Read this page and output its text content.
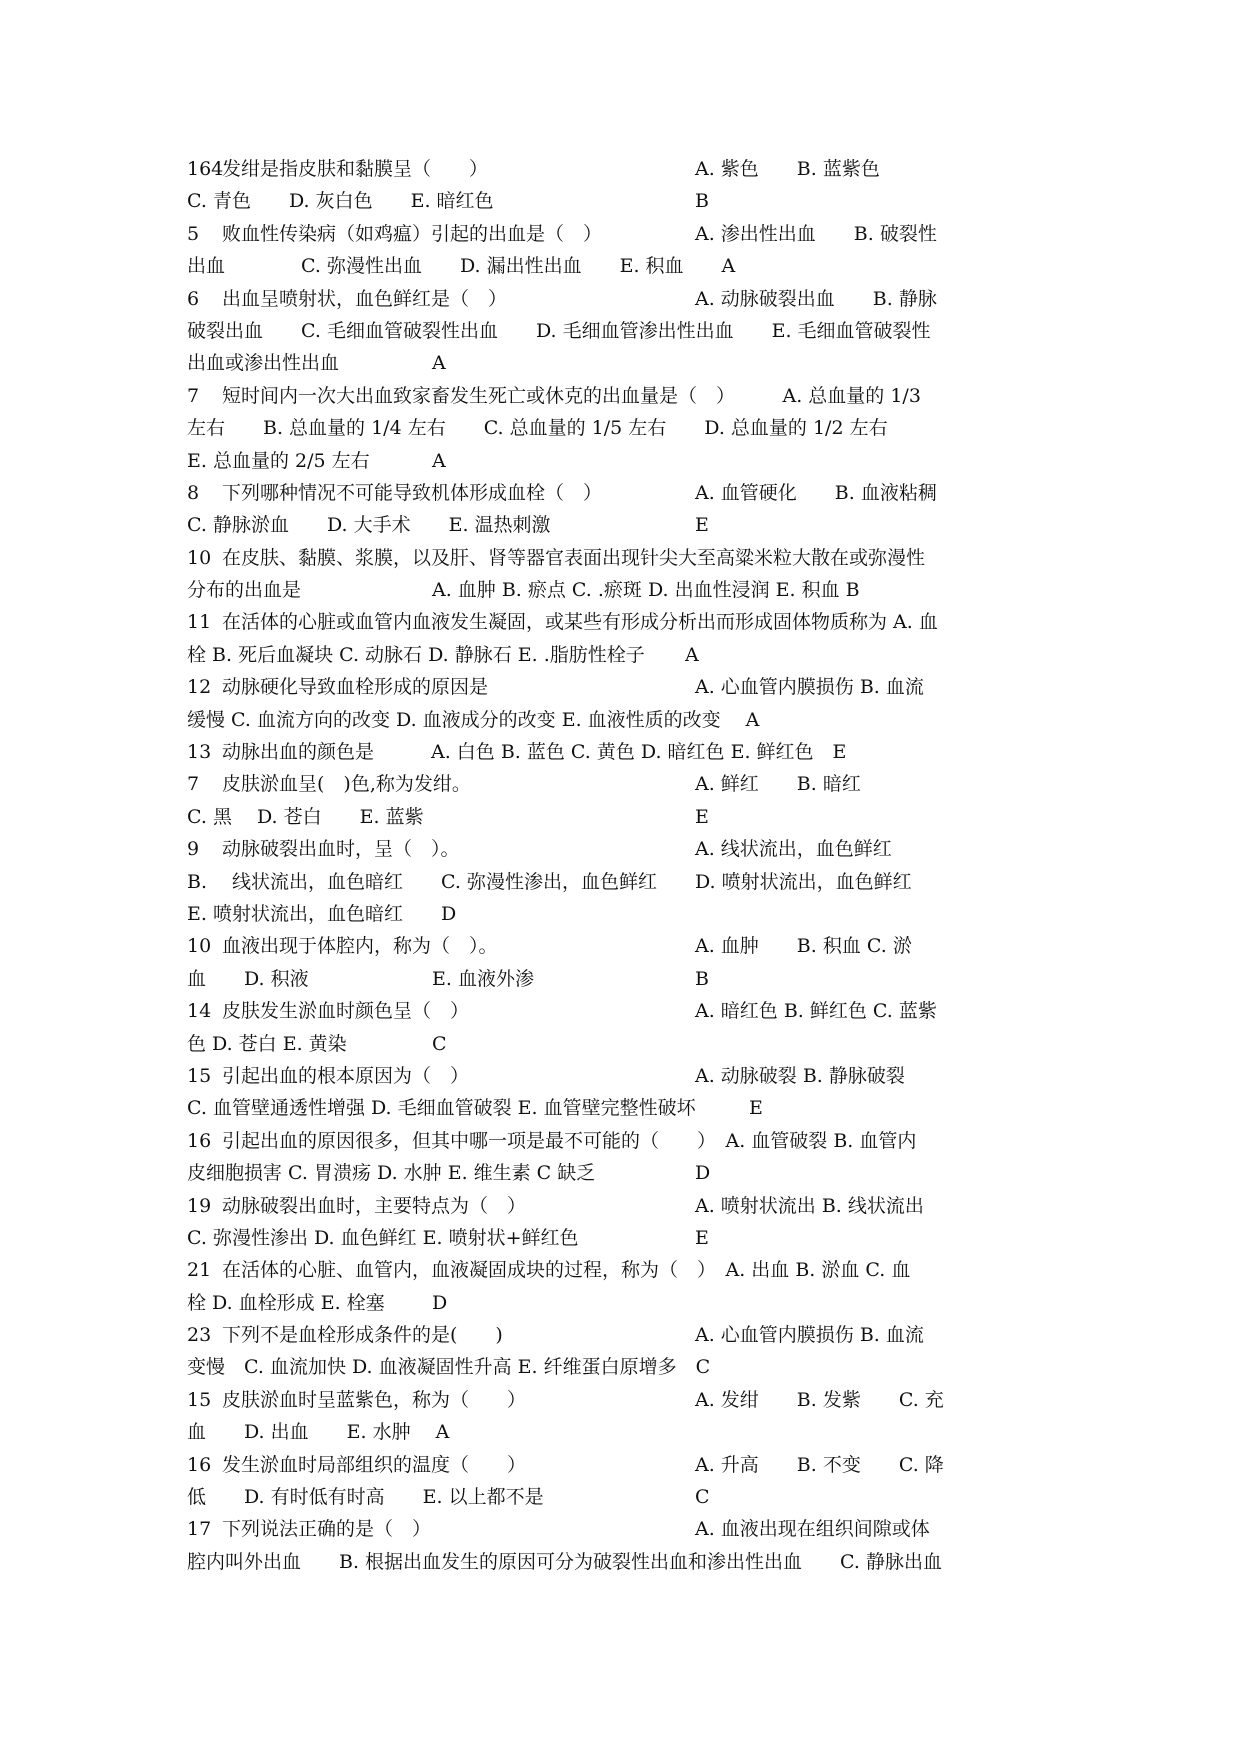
164
发绀是指皮肤和黏膜呈（　　）	A. 紫色　　B. 蓝紫色
C. 青色　　D. 灰白色　　E. 暗红色	B
5 败血性传染病（如鸡瘟）引起的出血是（　）	A. 渗出性出血　　B. 破裂性
出血　　　　C. 弥漫性出血　　D. 漏出性出血　　E. 积血　　A
6 出血呈喷射状，血色鲜红是（　）	A. 动脉破裂出血　　B. 静脉
破裂出血　　C. 毛细血管破裂性出血　　D. 毛细血管渗出性出血　　E. 毛细血管破裂性
出血或渗出性出血	A
7 短时间内一次大出血致家畜发生死亡或休克的出血量是（　）　　　A. 总血量的 1/3
左右　　B. 总血量的 1/4 左右　　C. 总血量的 1/5 左右　　D. 总血量的 1/2 左右
E. 总血量的 2/5 左右	A
8 下列哪种情况不可能导致机体形成血栓（　）	A. 血管硬化　　B. 血液粘稠
C. 静脉淤血　　D. 大手术　　E. 温热刺激	E
10 在皮肤、黏膜、浆膜，以及肝、肾等器官表面出现针尖大至高粱米粒大散在或弥漫性
分布的出血是	A. 血肿 B. 瘀点 C. .瘀斑 D. 出血性浸润 E. 积血 B
11 在活体的心脏或血管内血液发生凝固，或某些有形成分析出而形成固体物质称为 A. 血
栓 B. 死后血凝块 C. 动脉石 D. 静脉石 E. .脂肪性栓子 A
12 动脉硬化导致血栓形成的原因是	A. 心血管内膜损伤 B. 血流
缓慢 C. 血流方向的改变 D. 血液成分的改变 E. 血液性质的改变　 A
13 动脉出血的颜色是　　　A. 白色 B. 蓝色 C. 黄色 D. 暗红色 E. 鲜红色　E
7 皮肤淤血呈(　)色,称为发绀。	A. 鲜红　　B. 暗红
C. 黑　 D. 苍白　　E. 蓝紫	E
9 动脉破裂出血时，呈（　）。	A. 线状流出，血色鲜红
B.　 线状流出，血色暗红　　C. 弥漫性渗出，血色鲜红　　D. 喷射状流出，血色鲜红
E. 喷射状流出，血色暗红　　D
10 血液出现于体腔内，称为（　）。	A. 血肿　　B. 积血 C. 淤
血　　D. 积液	E. 血液外渗	B
14 皮肤发生淤血时颜色呈（　）	A. 暗红色 B. 鲜红色 C. 蓝紫
色 D. 苍白 E. 黄染	C
15 引起出血的根本原因为（　）	A. 动脉破裂 B. 静脉破裂
C. 血管壁通透性增强 D. 毛细血管破裂 E. 血管壁完整性破坏	E
16 引起出血的原因很多，但其中哪一项是最不可能的（　　）　A. 血管破裂 B. 血管内
皮细胞损害 C. 胃溃疡 D. 水肿 E. 维生素 C 缺乏	D
19 动脉破裂出血时，主要特点为（　）	A. 喷射状流出 B. 线状流出
C. 弥漫性渗出 D. 血色鲜红 E. 喷射状+鲜红色	E
21 在活体的心脏、血管内，血液凝固成块的过程，称为（　）　A. 出血 B. 淤血 C. 血
栓 D. 血栓形成 E. 栓塞 D
23 下列不是血栓形成条件的是(　　)	A. 心血管内膜损伤 B. 血流
变慢　C. 血流加快 D. 血液凝固性升高 E. 纤维蛋白原增多　C
15 皮肤淤血时呈蓝紫色，称为（　　）	A. 发绀　　B. 发紫　　C. 充
血　　D. 出血　　E. 水肿　 A
16 发生淤血时局部组织的温度（　　）	A. 升高　　B. 不变　　C. 降
低　　D. 有时低有时高　　E. 以上都不是	C
17 下列说法正确的是（　）	A. 血液出现在组织间隙或体
腔内叫外出血　　B. 根据出血发生的原因可分为破裂性出血和渗出性出血　　C. 静脉出血
